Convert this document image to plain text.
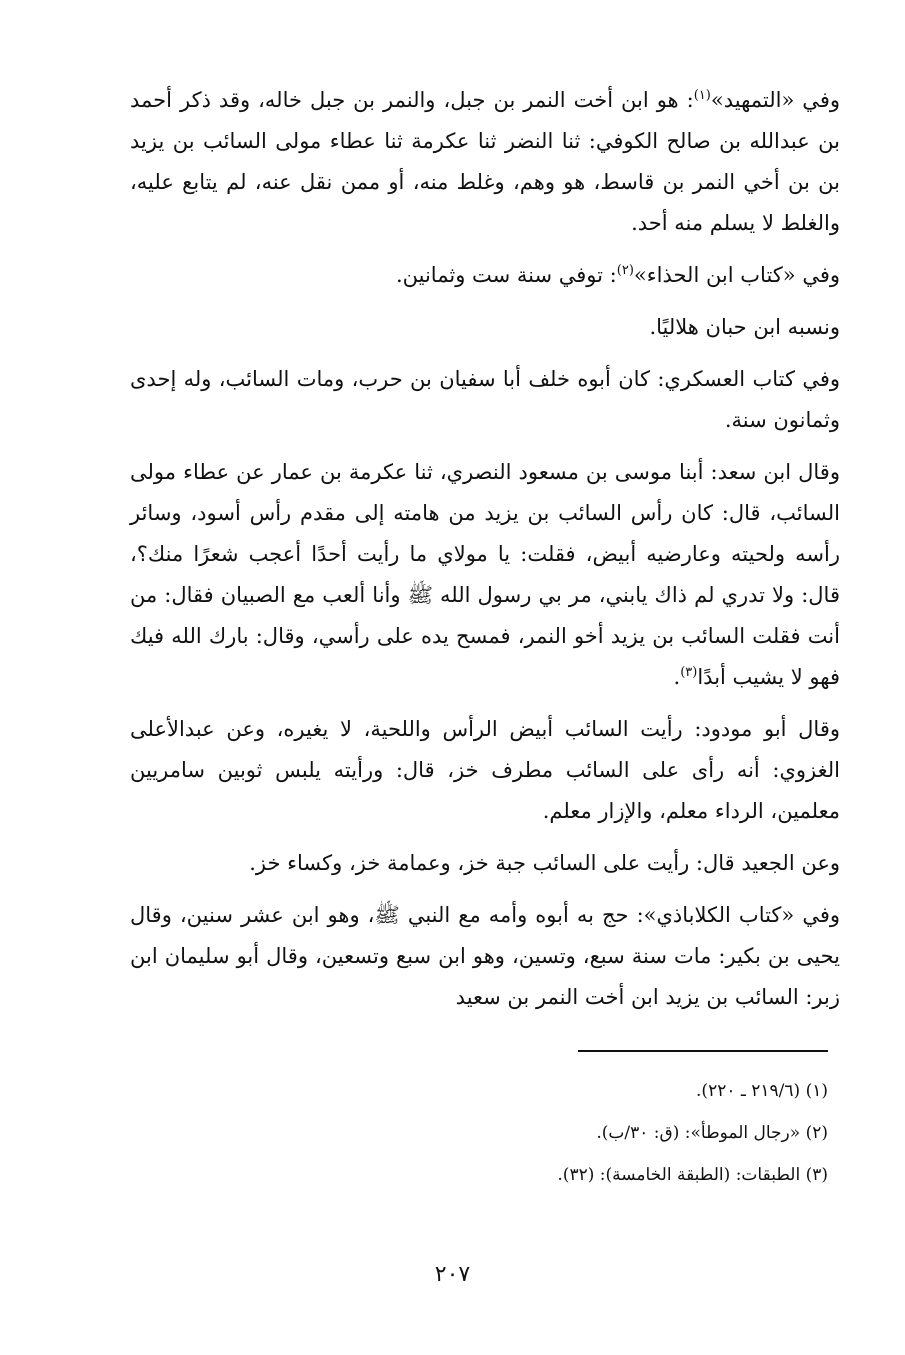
وفي «التمهيد»$^{(١)}$: هو ابن أخت النمر بن جبل، والنمر بن جبل خاله، وقد ذكر أحمد بن عبدالله بن صالح الكوفي: ثنا النضر ثنا عكرمة ثنا عطاء مولى السائب بن يزيد بن بن أخي النمر بن قاسط، هو وهم، وغلط منه، أو ممن نقل عنه، لم يتابع عليه، والغلط لا يسلم منه أحد.

وفي «كتاب ابن الحذاء»$^{(٢)}$: توفي سنة ست وثمانين.

ونسبه ابن حبان هلاليًا.

وفي كتاب العسكري: كان أبوه خلف أبا سفيان بن حرب، ومات السائب، وله إحدى وثمانون سنة.

وقال ابن سعد: أبنا موسى بن مسعود النصري، ثنا عكرمة بن عمار عن عطاء مولى السائب، قال: كان رأس السائب بن يزيد من هامته إلى مقدم رأس أسود، وسائر رأسه ولحيته وعارضيه أبيض، فقلت: يا مولاي ما رأيت أحدًا أعجب شعرًا منك؟، قال: ولا تدري لم ذاك يابني، مر بي رسول الله ﷺ وأنا ألعب مع الصبيان فقال: من أنت فقلت السائب بن يزيد أخو النمر، فمسح يده على رأسي، وقال: بارك الله فيك فهو لا يشيب أبدًا$^{(٣)}$.

وقال أبو مودود: رأيت السائب أبيض الرأس واللحية، لا يغيره، وعن عبدالأعلى الغزوي: أنه رأى على السائب مطرف خز، قال: ورأيته يلبس ثوبين سامريين معلمين، الرداء معلم، والإزار معلم.

وعن الجعيد قال: رأيت على السائب جبة خز، وعمامة خز، وكساء خز.

وفي «كتاب الكلاباذي»: حج به أبوه وأمه مع النبي ﷺ، وهو ابن عشر سنين، وقال يحيى بن بكير: مات سنة سبع، وتسين، وهو ابن سبع وتسعين، وقال أبو سليمان ابن زبر: السائب بن يزيد ابن أخت النمر بن سعيد

(١) (٢١٩/٦ ـ ٢٢٠).

(٢) «رجال الموطأ»: (ق: ٣٠/ب).

(٣) الطبقات: (الطبقة الخامسة): (٣٢).

٢٠٧
